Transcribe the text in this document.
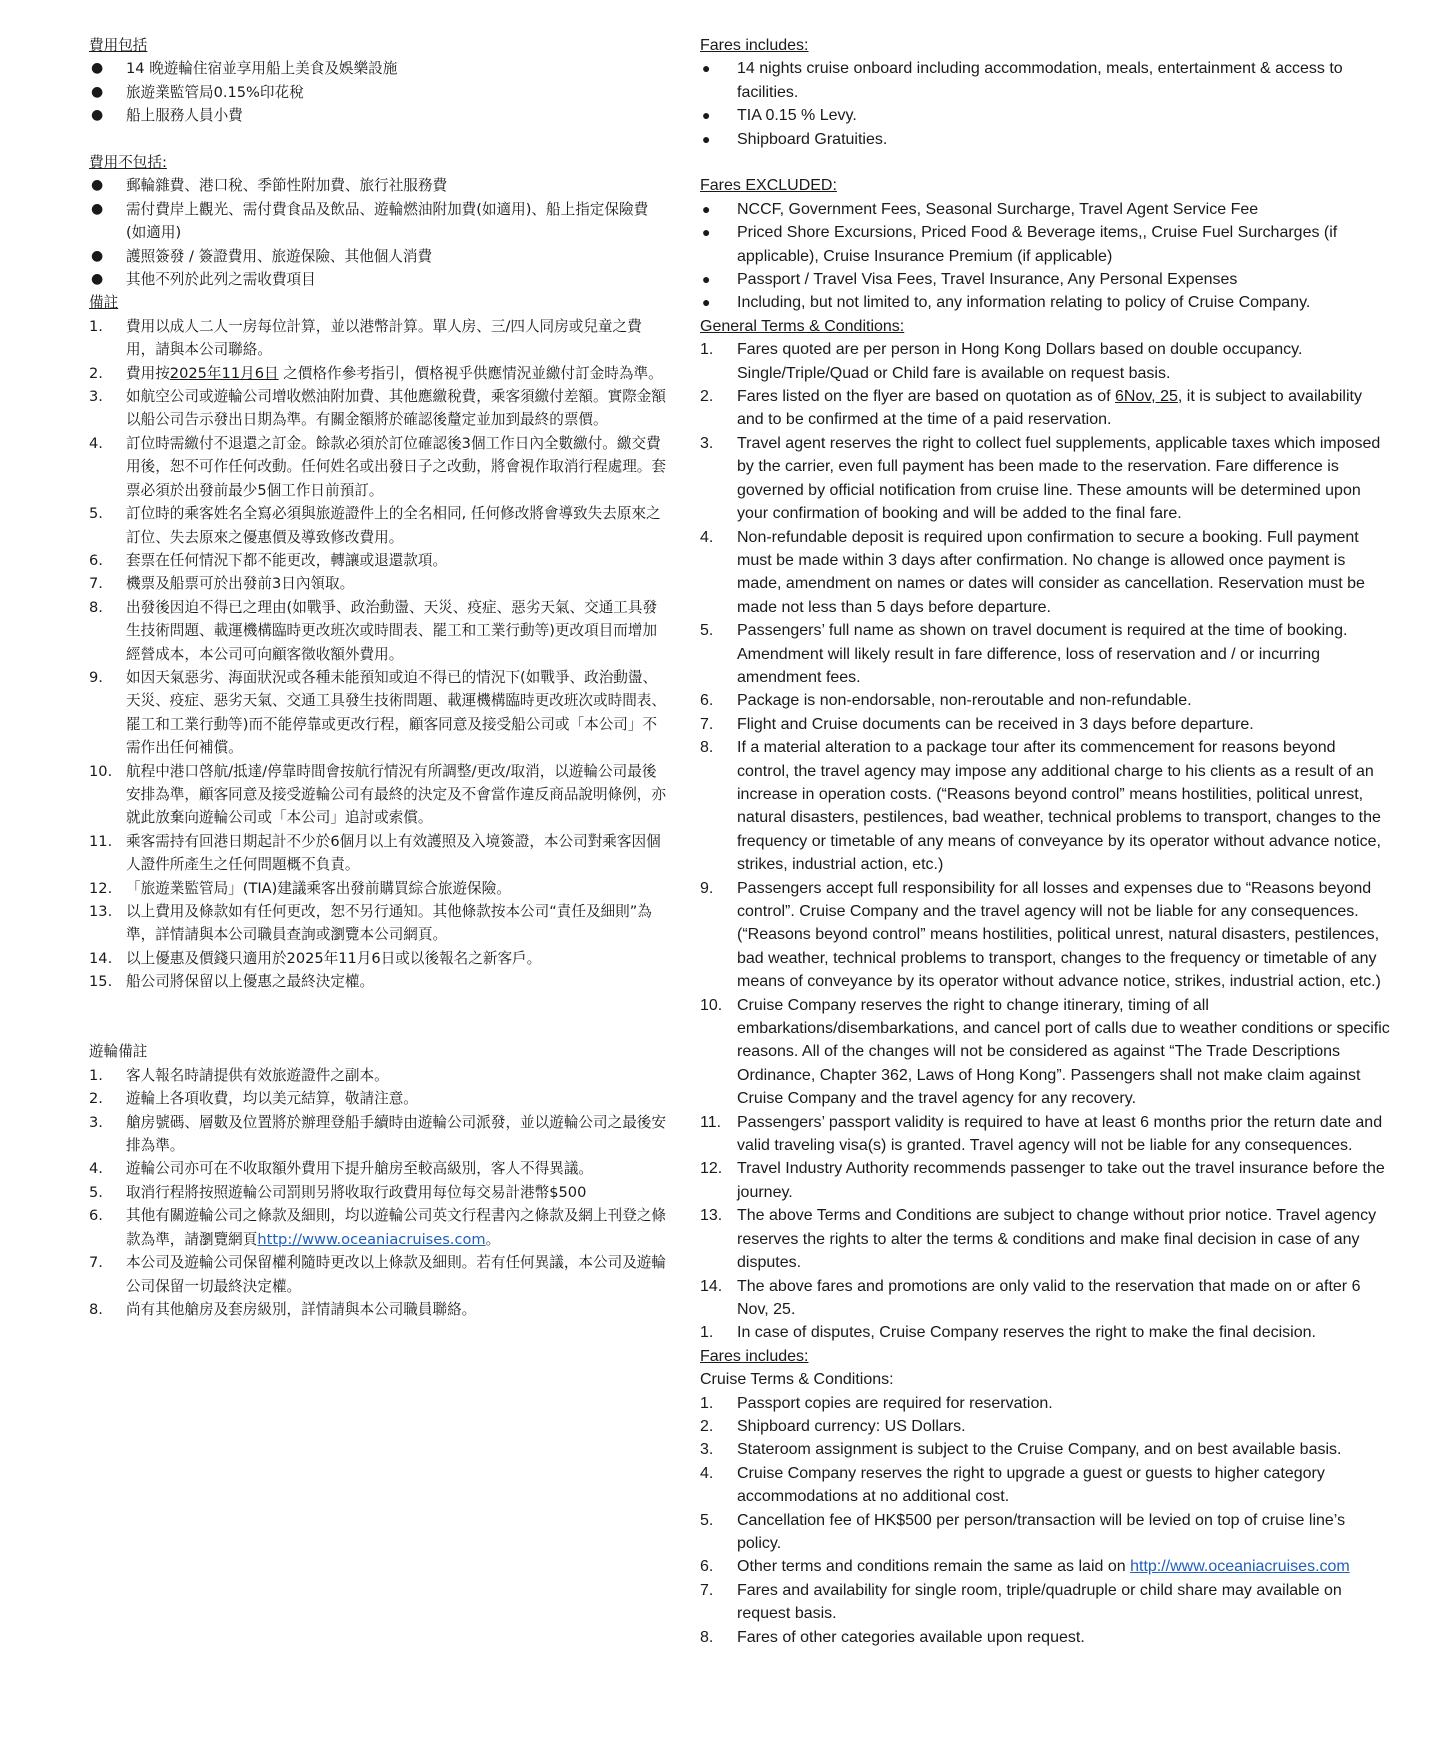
費用包括
● 14 晚遊輪住宿並享用船上美食及娛樂設施
● 旅遊業監管局0.15%印花稅
● 船上服務人員小費
費用不包括:
● 郵輪雜費、港口稅、季節性附加費、旅行社服務費
● 需付費岸上觀光、需付費食品及飲品、遊輪燃油附加費(如適用)、船上指定保險費(如適用)
● 護照簽發 / 簽證費用、旅遊保險、其他個人消費
● 其他不列於此列之需收費項目
備註
1. 費用以成人二人一房每位計算，並以港幣計算。單人房、三/四人同房或兒童之費用，請與本公司聯絡。
2. 費用按2025年11月6日 之價格作參考指引，價格視乎供應情況並繳付訂金時為準。
3. 如航空公司或遊輪公司增收燃油附加費、其他應繳稅費，乘客須繳付差額。實際金額以船公司告示發出日期為準。有關金額將於確認後釐定並加到最終的票價。
4. 訂位時需繳付不退還之訂金。餘款必須於訂位確認後3個工作日內全數繳付。繳交費用後，恕不可作任何改動。任何姓名或出發日子之改動，將會視作取消行程處理。套票必須於出發前最少5個工作日前預訂。
5. 訂位時的乘客姓名全寫必須與旅遊證件上的全名相同, 任何修改將會導致失去原來之訂位、失去原來之優惠價及導致修改費用。
6. 套票在任何情況下都不能更改，轉讓或退還款項。
7. 機票及船票可於出發前3日內領取。
8. 出發後因迫不得已之理由(如戰爭、政治動盪、天災、疫症、惡劣天氣、交通工具發生技術問題、載運機構臨時更改班次或時間表、罷工和工業行動等)更改項目而增加經營成本，本公司可向顧客徵收額外費用。
9. 如因天氣惡劣、海面狀況或各種未能預知或迫不得已的情況下(如戰爭、政治動盪、天災、疫症、惡劣天氣、交通工具發生技術問題、載運機構臨時更改班次或時間表、罷工和工業行動等)而不能停靠或更改行程，顧客同意及接受船公司或「本公司」不需作出任何補償。
10. 航程中港口啓航/抵達/停靠時間會按航行情況有所調整/更改/取消，以遊輪公司最後安排為準，顧客同意及接受遊輪公司有最終的決定及不會當作違反商品說明條例，亦就此放棄向遊輪公司或「本公司」追討或索償。
11. 乘客需持有回港日期起計不少於6個月以上有效護照及入境簽證，本公司對乘客因個人證件所產生之任何問題概不負責。
12. 「旅遊業監管局」(TIA)建議乘客出發前購買綜合旅遊保險。
13. 以上費用及條款如有任何更改，恕不另行通知。其他條款按本公司“責任及細則”為準，詳情請與本公司職員查詢或瀏覽本公司網頁。
14. 以上優惠及價錢只適用於2025年11月6日或以後報名之新客戶。
15. 船公司將保留以上優惠之最終決定權。
遊輪備註
1. 客人報名時請提供有效旅遊證件之副本。
2. 遊輪上各項收費，均以美元結算，敬請注意。
3. 艙房號碼、層數及位置將於辦理登船手續時由遊輪公司派發，並以遊輪公司之最後安排為準。
4. 遊輪公司亦可在不收取額外費用下提升艙房至較高級別，客人不得異議。
5. 取消行程將按照遊輪公司罰則另將收取行政費用每位每交易計港幣$500
6. 其他有關遊輪公司之條款及細則，均以遊輪公司英文行程書內之條款及網上刊登之條款為準，請瀏覽網頁http://www.oceaniacruises.com。
7. 本公司及遊輪公司保留權利隨時更改以上條款及細則。若有任何異議，本公司及遊輪公司保留一切最終決定權。
8. 尚有其他艙房及套房級別，詳情請與本公司職員聯絡。
Fares includes:
● 14 nights cruise onboard including accommodation, meals, entertainment & access to facilities.
● TIA 0.15 % Levy.
● Shipboard Gratuities.
Fares EXCLUDED:
● NCCF, Government Fees, Seasonal Surcharge, Travel Agent Service Fee
● Priced Shore Excursions, Priced Food & Beverage items,, Cruise Fuel Surcharges (if applicable), Cruise Insurance Premium (if applicable)
● Passport / Travel Visa Fees, Travel Insurance, Any Personal Expenses
● Including, but not limited to, any information relating to policy of Cruise Company.
General Terms & Conditions:
1. Fares quoted are per person in Hong Kong Dollars based on double occupancy. Single/Triple/Quad or Child fare is available on request basis.
2. Fares listed on the flyer are based on quotation as of 6Nov, 25, it is subject to availability and to be confirmed at the time of a paid reservation.
3. Travel agent reserves the right to collect fuel supplements, applicable taxes which imposed by the carrier, even full payment has been made to the reservation. Fare difference is governed by official notification from cruise line. These amounts will be determined upon your confirmation of booking and will be added to the final fare.
4. Non-refundable deposit is required upon confirmation to secure a booking. Full payment must be made within 3 days after confirmation. No change is allowed once payment is made, amendment on names or dates will consider as cancellation. Reservation must be made not less than 5 days before departure.
5. Passengers’ full name as shown on travel document is required at the time of booking. Amendment will likely result in fare difference, loss of reservation and / or incurring amendment fees.
6. Package is non-endorsable, non-reroutable and non-refundable.
7. Flight and Cruise documents can be received in 3 days before departure.
8. If a material alteration to a package tour after its commencement for reasons beyond control, the travel agency may impose any additional charge to his clients as a result of an increase in operation costs. (“Reasons beyond control” means hostilities, political unrest, natural disasters, pestilences, bad weather, technical problems to transport, changes to the frequency or timetable of any means of conveyance by its operator without advance notice, strikes, industrial action, etc.)
9. Passengers accept full responsibility for all losses and expenses due to “Reasons beyond control”. Cruise Company and the travel agency will not be liable for any consequences. (“Reasons beyond control” means hostilities, political unrest, natural disasters, pestilences, bad weather, technical problems to transport, changes to the frequency or timetable of any means of conveyance by its operator without advance notice, strikes, industrial action, etc.)
10. Cruise Company reserves the right to change itinerary, timing of all embarkations/disembarkations, and cancel port of calls due to weather conditions or specific reasons. All of the changes will not be considered as against “The Trade Descriptions Ordinance, Chapter 362, Laws of Hong Kong”. Passengers shall not make claim against Cruise Company and the travel agency for any recovery.
11. Passengers’ passport validity is required to have at least 6 months prior the return date and valid traveling visa(s) is granted. Travel agency will not be liable for any consequences.
12. Travel Industry Authority recommends passenger to take out the travel insurance before the journey.
13. The above Terms and Conditions are subject to change without prior notice. Travel agency reserves the rights to alter the terms & conditions and make final decision in case of any disputes.
14. The above fares and promotions are only valid to the reservation that made on or after 6 Nov, 25.
1. In case of disputes, Cruise Company reserves the right to make the final decision.
Fares includes:
Cruise Terms & Conditions:
1. Passport copies are required for reservation.
2. Shipboard currency: US Dollars.
3. Stateroom assignment is subject to the Cruise Company, and on best available basis.
4. Cruise Company reserves the right to upgrade a guest or guests to higher category accommodations at no additional cost.
5. Cancellation fee of HK$500 per person/transaction will be levied on top of cruise line’s policy.
6. Other terms and conditions remain the same as laid on http://www.oceaniacruises.com
7. Fares and availability for single room, triple/quadruple or child share may available on request basis.
8. Fares of other categories available upon request.
